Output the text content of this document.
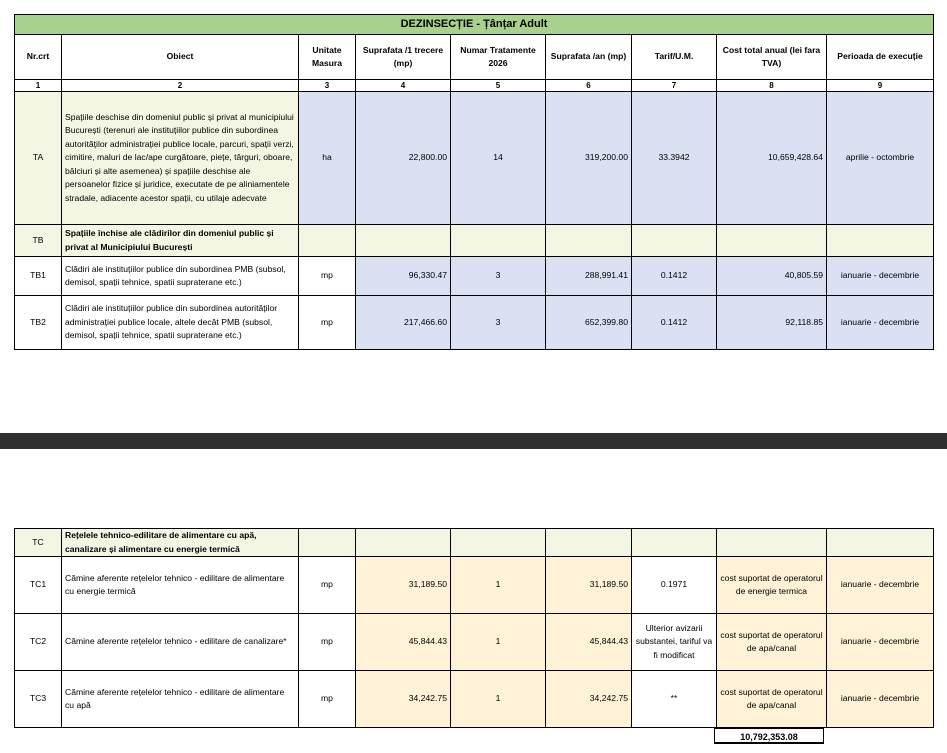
DEZINSECȚIE - Țânțar Adult								
Nr.crt	Obiect	Unitate Masura	Suprafata /1 trecere (mp)	Numar Tratamente 2026	Suprafata /an (mp)	Tarif/U.M.	Cost total anual (lei fara TVA)	Perioada de execuție
1	2	3	4	5	6	7	8	9
TA	Spațiile deschise din domeniul public și privat al municipiului București (terenuri ale instituțiilor publice din subordinea autorităților administrației publice locale, parcuri, spații verzi, cimitire, maluri de lac/ape curgătoare, piețe, târguri, oboare, bâlciuri și alte asemenea) și spațiile deschise ale persoanelor fizice și juridice, executate de pe aliniamentele stradale, adiacente acestor spații, cu utilaje adecvate	ha	22,800.00	14	319,200.00	33.3942	10,659,428.64	aprilie - octombrie
TB	Spațiile închise ale clădirilor din domeniul public și privat al Municipiului București							
TB1	Clădiri ale instituțiilor publice din subordinea PMB (subsol, demisol, spații tehnice, spatii supraterane etc.)	mp	96,330.47	3	288,991.41	0.1412	40,805.59	ianuarie - decembrie
TB2	Clădiri ale instituțiilor publice din subordinea autorităților administrației publice locale, altele decât PMB (subsol, demisol, spații tehnice, spatii supraterane etc.)	mp	217,466.60	3	652,399.80	0.1412	92,118.85	ianuarie - decembrie
TC	Rețelele tehnico-edilitare de alimentare cu apă, canalizare și alimentare cu energie termică							
TC1	Cămine aferente rețelelor tehnico - edilitare de alimentare cu energie termică	mp	31,189.50	1	31,189.50	0.1971	cost suportat de operatorul de energie termica	ianuarie - decembrie
TC2	Cămine aferente rețelelor tehnico - edilitare de canalizare*	mp	45,844.43	1	45,844.43	Ulterior avizarii substantei, tariful va fi modificat	cost suportat de operatorul de apa/canal	ianuarie - decembrie
TC3	Cămine aferente rețelelor tehnico - edilitare de alimentare cu apă	mp	34,242.75	1	34,242.75	**	cost suportat de operatorul de apa/canal	ianuarie - decembrie
10,792,353.08
